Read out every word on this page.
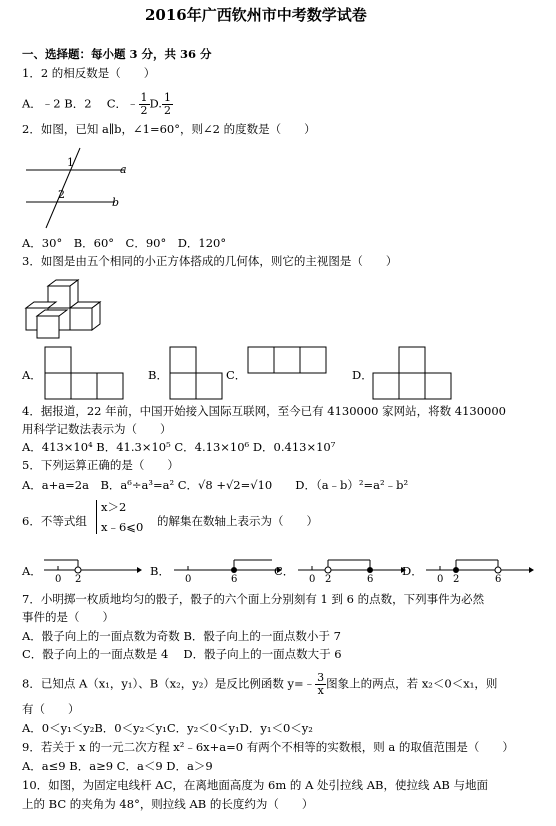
2016年广西钦州市中考数学试卷
一、选择题：每小题 3 分，共 36 分
1．2 的相反数是（　　）
A．﹣2 B．2　 C．﹣ $\frac{1}{2} D$. $\frac{1}{2}$
2．如图，已知 a∥b，∠1=60°，则∠2 的度数是（　　）
1
2
a
b
A．30°　B．60°　C．90°　D．120°
3．如图是由五个相同的小正方体搭成的几何体，则它的主视图是（　　）
A．	B．	C．	D．
4．据报道，22 年前，中国开始接入国际互联网，至今已有 4130000 家网站，将数 4130000
用科学记数法表示为（　　）
A．413×10⁴ B．41.3×10⁵ C．4.13×10⁶ D．0.413×10⁷
5．下列运算正确的是（　　）
A．a+a=2a　B．a⁶÷a³=a² C．√8 +√2=√10　　 D．（a﹣b）²=a²﹣b²
6．不等式组
x＞2
x﹣6⩽0 的解集在数轴上表示为（　　）
A．
0 2
B．
0	6
C．
0 2	6
D．
0 2	6
7．小明掷一枚质地均匀的骰子，骰子的六个面上分别刻有 1 到 6 的点数，下列事件为必然
事件的是（　　）
A．骰子向上的一面点数为奇数 B．骰子向上的一面点数小于 7
C．骰子向上的一面点数是 4　 D．骰子向上的一面点数大于 6
8．已知点 A（x₁，y₁）、B（x₂，y₂）是反比例函数 y=﹣ $\frac{3}{x}$ 图象上的两点，若 x₂＜0＜x₁，则
有（　　）
A．0＜y₁＜y₂B．0＜y₂＜y₁C．y₂＜0＜y₁D．y₁＜0＜y₂
9．若关于 x 的一元二次方程 x²﹣6x+a=0 有两个不相等的实数根，则 a 的取值范围是（　　）
A．a≤9 B．a≥9 C．a＜9 D．a＞9
10．如图，为固定电线杆 AC，在离地面高度为 6m 的 A 处引拉线 AB，使拉线 AB 与地面
上的 BC 的夹角为 48°，则拉线 AB 的长度约为（　　）
